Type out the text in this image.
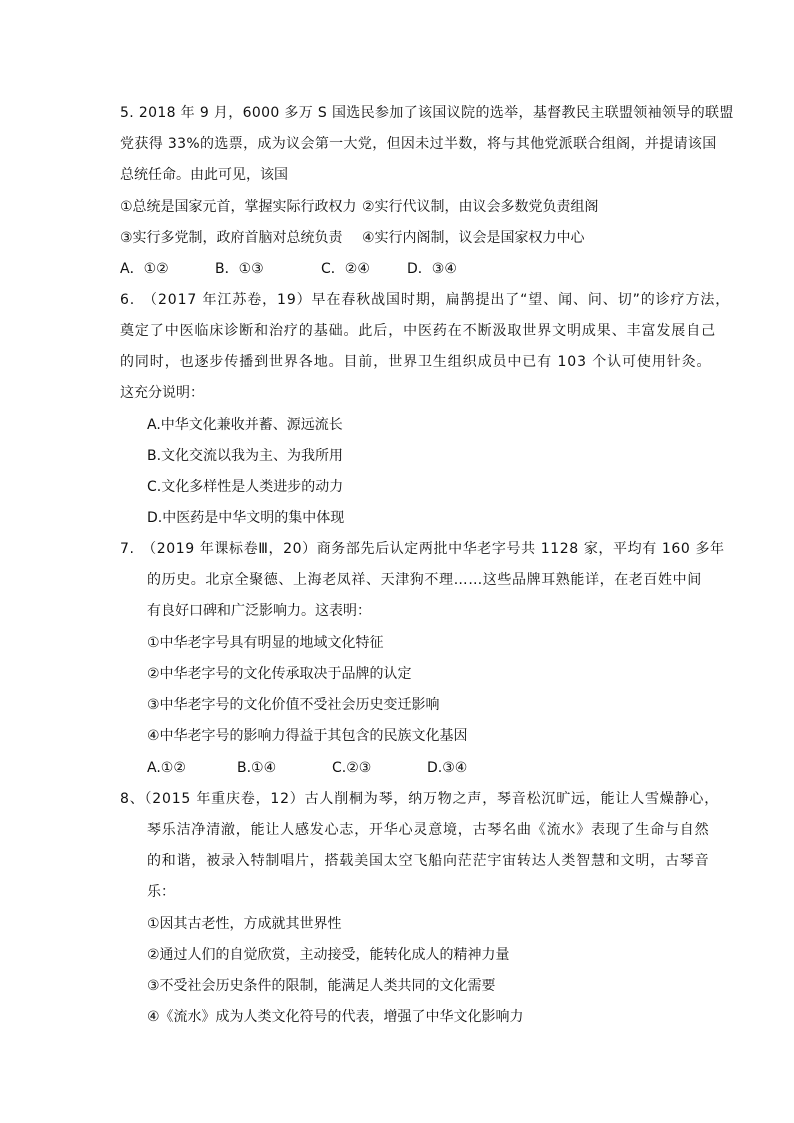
5. 2018 年 9 月，6000 多万 S 国选民参加了该国议院的选举，基督教民主联盟领袖领导的联盟
党获得 33%的选票，成为议会第一大党，但因未过半数，将与其他党派联合组阁，并提请该国
总统任命。由此可见，该国
①总统是国家元首，掌握实际行政权力 ②实行代议制，由议会多数党负责组阁
③实行多党制，政府首脑对总统负责 ④实行内阁制，议会是国家权力中心
A．①②	B．①③	C．②④	D．③④
6.　（2017 年江苏卷，19）早在春秋战国时期，扁鹊提出了“望、闻、问、切”的诊疗方法，
奠定了中医临床诊断和治疗的基础。此后，中医药在不断汲取世界文明成果、丰富发展自己
的同时，也逐步传播到世界各地。目前，世界卫生组织成员中已有 103 个认可使用针灸。
这充分说明：
A.中华文化兼收并蓄、源远流长
B.文化交流以我为主、为我所用
C.文化多样性是人类进步的动力
D.中医药是中华文明的集中体现
7.　（2019 年课标卷Ⅲ，20）商务部先后认定两批中华老字号共 1128 家，平均有 160 多年
的历史。北京全聚德、上海老凤祥、天津狗不理……这些品牌耳熟能详，在老百姓中间
有良好口碑和广泛影响力。这表明：
①中华老字号具有明显的地域文化特征
②中华老字号的文化传承取决于品牌的认定
③中华老字号的文化价值不受社会历史变迁影响
④中华老字号的影响力得益于其包含的民族文化基因
A.①②	B.①④	C.②③	D.③④
8、（2015 年重庆卷，12）古人削桐为琴，纳万物之声，琴音松沉旷远，能让人雪燥静心，
琴乐洁净清澈，能让人感发心志，开华心灵意境，古琴名曲《流水》表现了生命与自然
的和谐，被录入特制唱片，搭载美国太空飞船向茫茫宇宙转达人类智慧和文明，古琴音
乐：
①因其古老性，方成就其世界性
②通过人们的自觉欣赏，主动接受，能转化成人的精神力量
③不受社会历史条件的限制，能满足人类共同的文化需要
④《流水》成为人类文化符号的代表，增强了中华文化影响力
